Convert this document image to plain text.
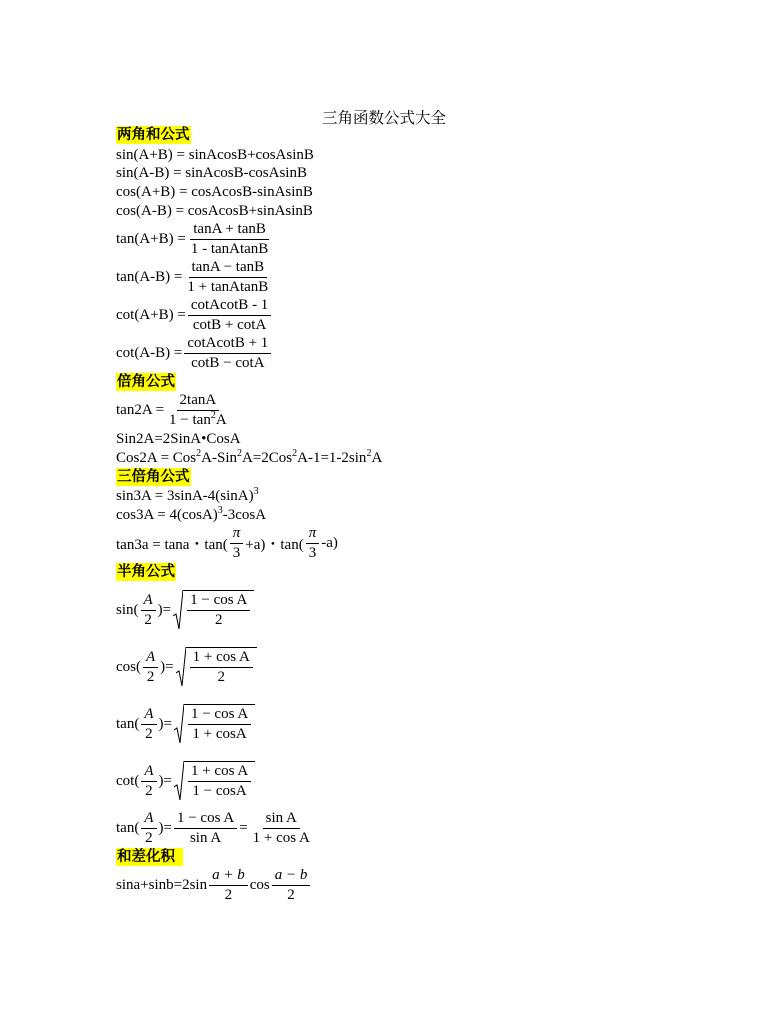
三角函数公式大全
两角和公式
sin(A+B) = sinAcosB+cosAsinB
sin(A-B) = sinAcosB-cosAsinB
cos(A+B) = cosAcosB-sinAsinB
cos(A-B) = cosAcosB+sinAsinB
$\tan(A+B) = \frac{\tan A + \tan B}{\text{1 - tanAtanB}}$
$\tan(A-B) = \frac{\tan A - \tan B}{\text{1 + tanAtanB}}$
$\cot(A+B) = \frac{\text{cotAcotB - 1}}{\cot B + \cot A}$
$\cot(A-B) = \frac{\text{cotAcotB + 1}}{\cot B - \cot A}$
倍角公式
$\tan 2A = \frac{2\tan A}{1 - \tan^2A}$
Sin2A=2SinA•CosA
$Cos2A = Cos^2A-Sin^2A=2Cos^2A-1=1-2\sin^2A$
三倍角公式
$\sin 3A = 3\sin A-4(\sin A)^3$
$\cos 3A = 4(\cos A)^3-3\cos A$
tan3a = tana・$\tan( \frac{\pi}{3} +a)$・$\tan( \frac{\pi}{3} -a)$
半角公式
$\sin( \frac{A}{2}$ )= $\frac{\text{1 − cos A}}{2}$
$\cos( \frac{A}{2}$ )= $\frac{\text{1 + cos A}}{2}$
$\tan( \frac{A}{2}$ )= $\frac{\text{1 − cos A}}{1 + \cos A}$
$\cot( \frac{A}{2}$ )= $\frac{\text{1 + cos A}}{1 - \cos A}$
$\tan( \frac{A}{2}$ )= $\frac{\text{1 − cos A}}{\text{sin A}} = \frac{\text{sin A}}{\text{1 + cos A}}$
和差化积
$\sin a+\sin b=2\sin \frac{a + b}{2}$ $\cos \frac{a - b}{2}$
